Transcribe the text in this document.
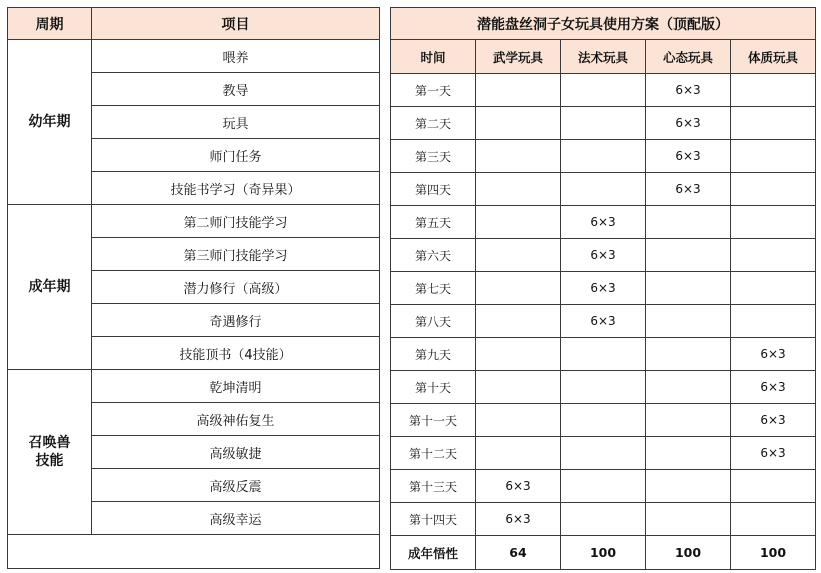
周期	项目
幼年期	喂养
	教导
	玩具
	师门任务
	技能书学习（奇异果）
成年期	第二师门技能学习
	第三师门技能学习
	潜力修行（高级）
	奇遇修行
	技能顶书（4技能）
召唤兽
技能	乾坤清明
	高级神佑复生
	高级敏捷
	高级反震
	高级幸运

潜能盘丝洞子女玩具使用方案（顶配版）				
时间	武学玩具	法术玩具	心态玩具	体质玩具
第一天			6×3	
第二天			6×3	
第三天			6×3	
第四天			6×3	
第五天		6×3		
第六天		6×3		
第七天		6×3		
第八天		6×3		
第九天				6×3
第十天				6×3
第十一天				6×3
第十二天				6×3
第十三天	6×3			
第十四天	6×3			
成年悟性	64	100	100	100
